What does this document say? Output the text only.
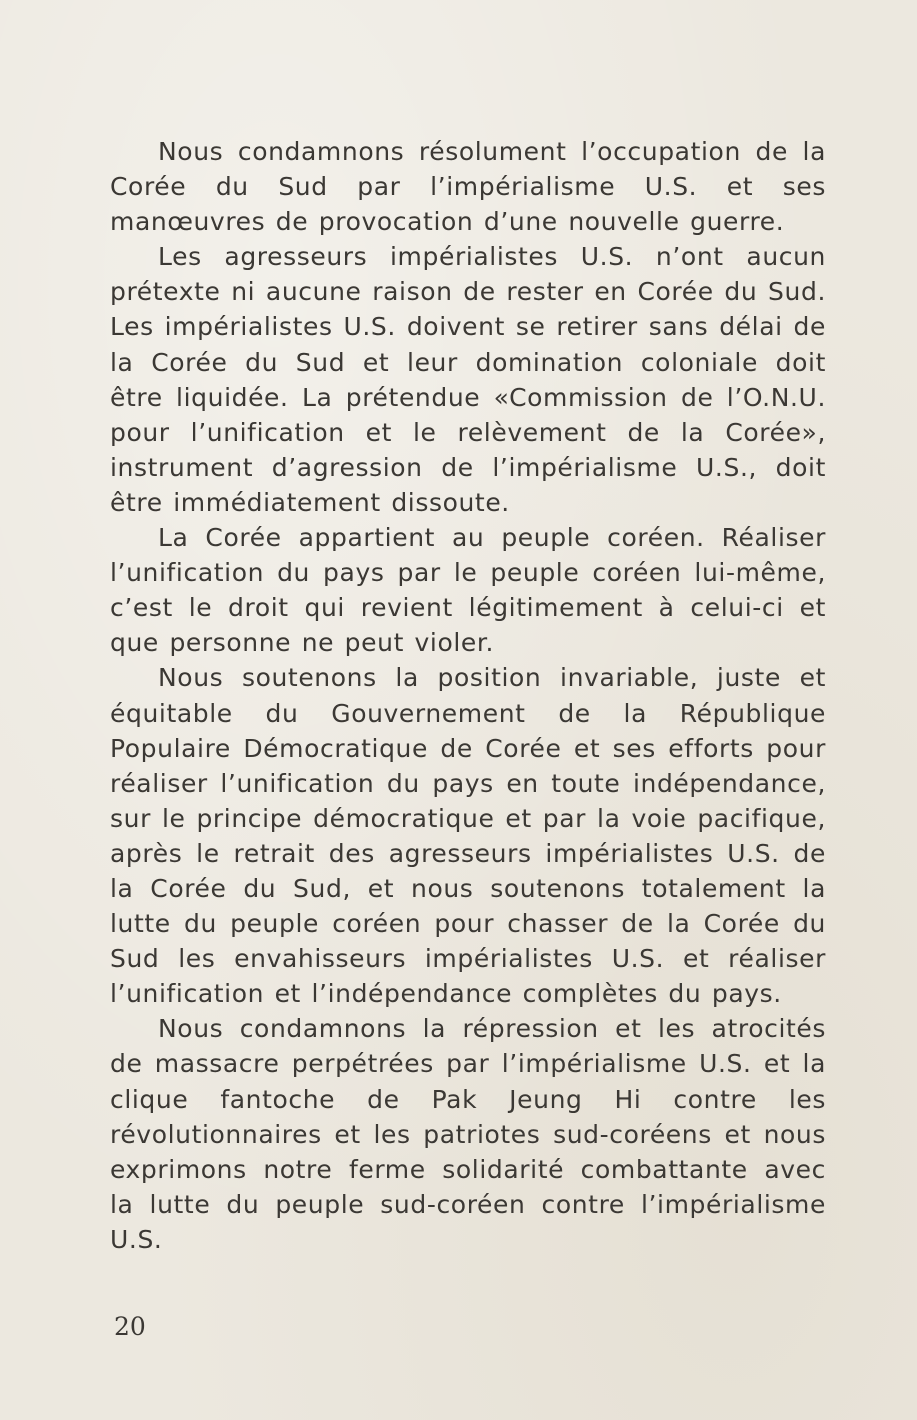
Nous condamnons résolument l’occupation de la Corée du Sud par l’impérialisme U.S. et ses manœuvres de provocation d’une nouvelle guerre.

Les agresseurs impérialistes U.S. n’ont aucun prétexte ni aucune raison de rester en Corée du Sud. Les impérialistes U.S. doivent se retirer sans délai de la Corée du Sud et leur domination coloniale doit être liquidée. La prétendue «Commission de l’O.N.U. pour l’unification et le relèvement de la Corée», instrument d’agression de l’impérialisme U.S., doit être immédiatement dissoute.

La Corée appartient au peuple coréen. Réaliser l’unification du pays par le peuple coréen lui-même, c’est le droit qui revient légitimement à celui-ci et que personne ne peut violer.

Nous soutenons la position invariable, juste et équitable du Gouvernement de la République Populaire Démocratique de Corée et ses efforts pour réaliser l’unification du pays en toute indépendance, sur le principe démocratique et par la voie pacifique, après le retrait des agresseurs impérialistes U.S. de la Corée du Sud, et nous soutenons totalement la lutte du peuple coréen pour chasser de la Corée du Sud les envahisseurs impérialistes U.S. et réaliser l’unification et l’indépendance complètes du pays.

Nous condamnons la répression et les atrocités de massacre perpétrées par l’impérialisme U.S. et la clique fantoche de Pak Jeung Hi contre les révolutionnaires et les patriotes sud-coréens et nous exprimons notre ferme solidarité combattante avec la lutte du peuple sud-coréen contre l’impérialisme U.S.

20
